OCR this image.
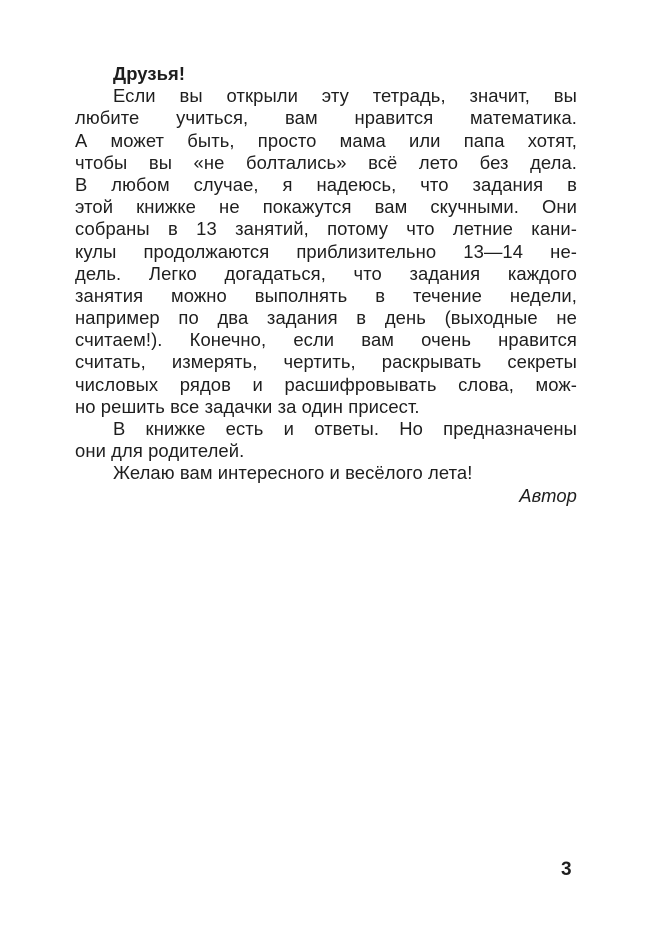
Друзья!
Если вы открыли эту тетрадь, значит, вы
любите учиться, вам нравится математика.
А может быть, просто мама или папа хотят,
чтобы вы «не болтались» всё лето без дела.
В любом случае, я надеюсь, что задания в
этой книжке не покажутся вам скучными. Они
собраны в 13 занятий, потому что летние кани-
кулы продолжаются приблизительно 13—14 не-
дель. Легко догадаться, что задания каждого
занятия можно выполнять в течение недели,
например по два задания в день (выходные не
считаем!). Конечно, если вам очень нравится
считать, измерять, чертить, раскрывать секреты
числовых рядов и расшифровывать слова, мож-
но решить все задачки за один присест.
В книжке есть и ответы. Но предназначены
они для родителей.
Желаю вам интересного и весёлого лета!
Автор
3
